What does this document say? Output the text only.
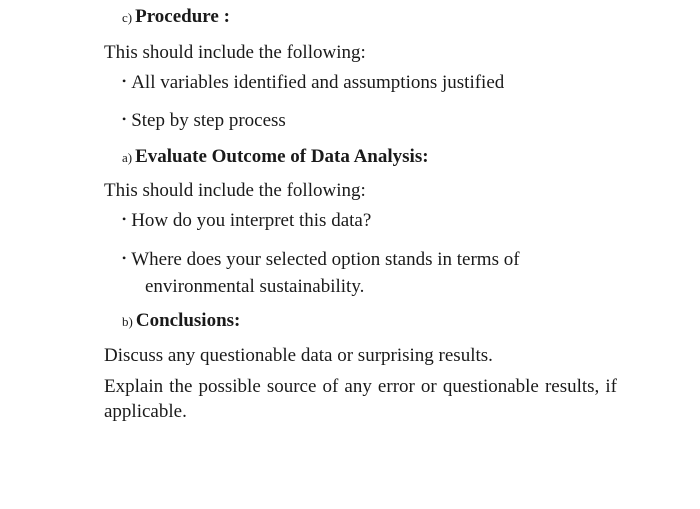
c) Procedure :
This should include the following:
• All variables identified and assumptions justified
• Step by step process
a) Evaluate Outcome of Data Analysis:
This should include the following:
• How do you interpret this data?
• Where does your selected option stands in terms of
environmental sustainability.
b) Conclusions:
Discuss any questionable data or surprising results.
Explain the possible source of any error or questionable results, if applicable.
